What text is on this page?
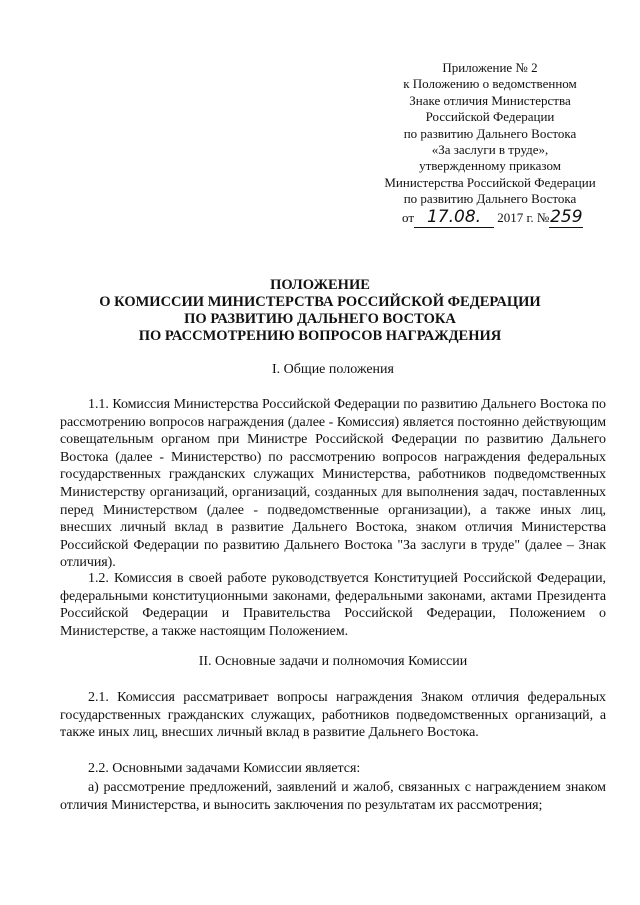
Приложение № 2
к Положению о ведомственном
Знаке отличия Министерства
Российской Федерации
по развитию Дальнего Востока
«За заслуги в труде»,
утвержденному приказом
Министерства Российской Федерации
по развитию Дальнего Востока
от 17.08. 2017 г. №259
ПОЛОЖЕНИЕ
О КОМИССИИ МИНИСТЕРСТВА РОССИЙСКОЙ ФЕДЕРАЦИИ
ПО РАЗВИТИЮ ДАЛЬНЕГО ВОСТОКА
ПО РАССМОТРЕНИЮ ВОПРОСОВ НАГРАЖДЕНИЯ
I. Общие положения

1.1. Комиссия Министерства Российской Федерации по развитию Дальнего Востока по рассмотрению вопросов награждения (далее - Комиссия) является постоянно действующим совещательным органом при Министре Российской Федерации по развитию Дальнего Востока (далее - Министерство) по рассмотрению вопросов награждения федеральных государственных гражданских служащих Министерства, работников подведомственных Министерству организаций, организаций, созданных для выполнения задач, поставленных перед Министерством (далее - подведомственные организации), а также иных лиц, внесших личный вклад в развитие Дальнего Востока, знаком отличия Министерства Российской Федерации по развитию Дальнего Востока "За заслуги в труде" (далее – Знак отличия).

1.2. Комиссия в своей работе руководствуется Конституцией Российской Федерации, федеральными конституционными законами, федеральными законами, актами Президента Российской Федерации и Правительства Российской Федерации, Положением о Министерстве, а также настоящим Положением.

II. Основные задачи и полномочия Комиссии

2.1. Комиссия рассматривает вопросы награждения Знаком отличия федеральных государственных гражданских служащих, работников подведомственных организаций, а также иных лиц, внесших личный вклад в развитие Дальнего Востока.

2.2. Основными задачами Комиссии является:

а) рассмотрение предложений, заявлений и жалоб, связанных с награждением знаком отличия Министерства, и выносить заключения по результатам их рассмотрения;
